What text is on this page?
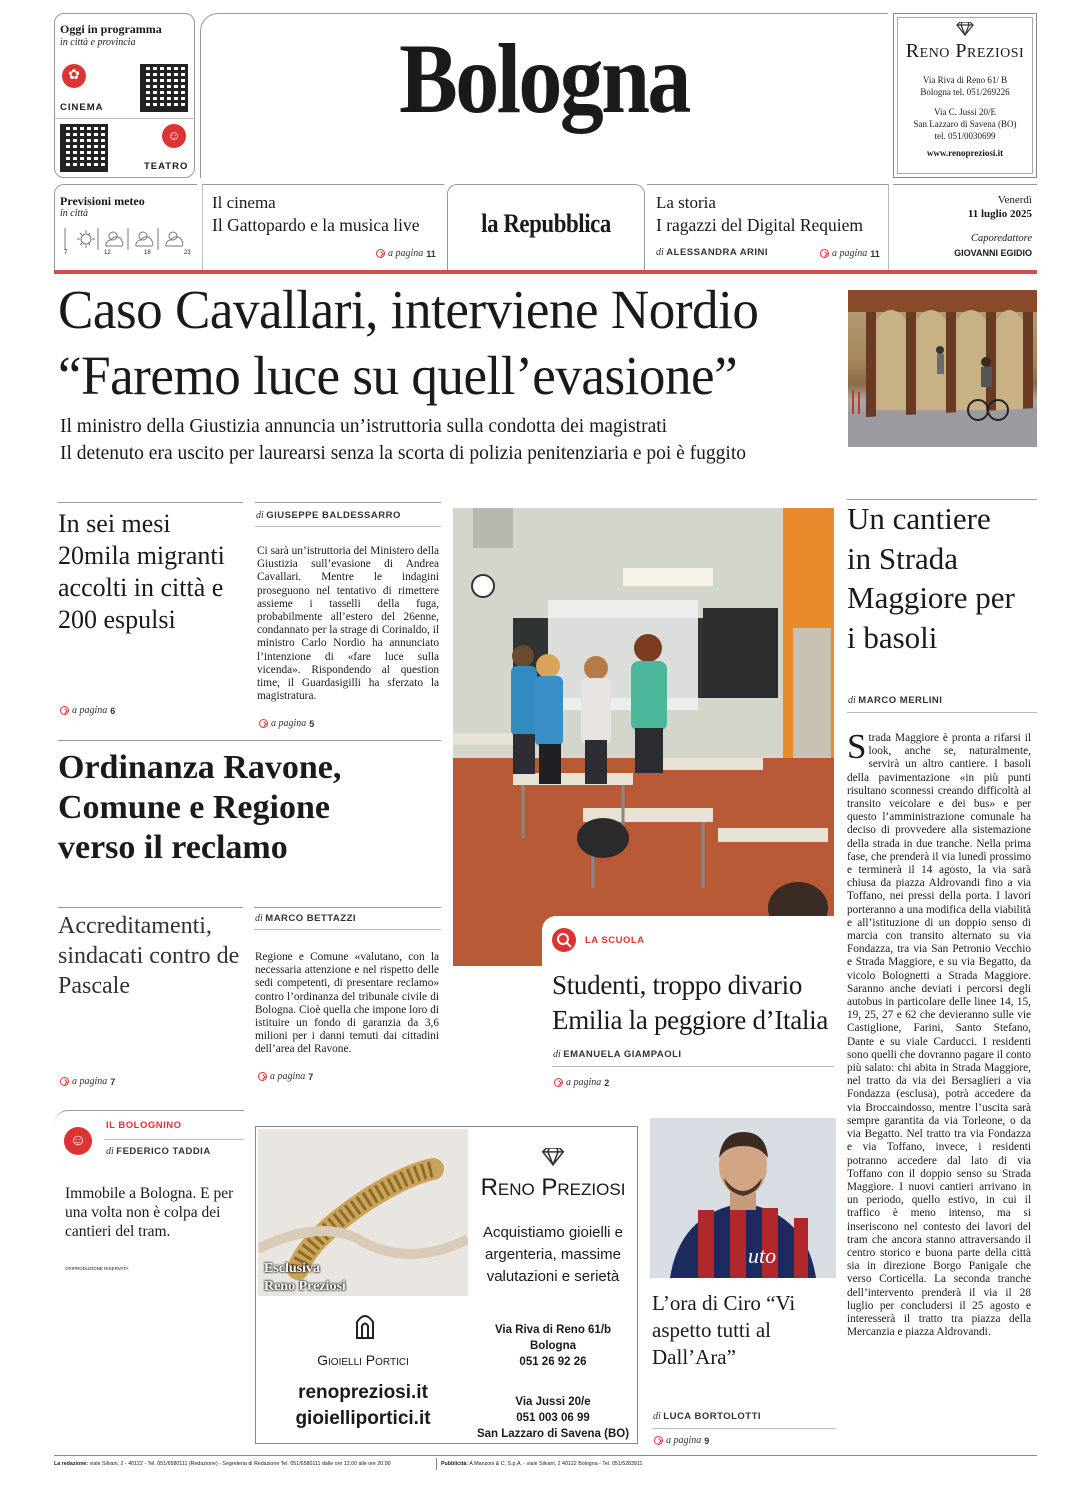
Oggi in programma
in città e provincia
✿
CINEMA
☺
TEATRO
Bologna	Reno Preziosi
Via Riva di Reno 61/ B
Bologna tel. 051/269226
Via C. Jussi 20/E
San Lazzaro di Savena (BO)
tel. 051/0030699
www.renopreziosi.it
Previsioni meteo
in città
7	12	18	23
Il cinema
Il Gattopardo e la musica live
a pagina 11
la Repubblica
La storia
I ragazzi del Digital Requiem
di ALESSANDRA ARINI	a pagina 11
Venerdì
11 luglio 2025
Caporedattore
GIOVANNI EGIDIO
Caso Cavallari, interviene Nordio
“Faremo luce su quell’evasione”
Il ministro della Giustizia annuncia un’istruttoria sulla condotta dei magistrati
Il detenuto era uscito per laurearsi senza la scorta di polizia penitenziaria e poi è fuggito
In sei mesi 20mila migranti accolti in città e 200 espulsi
a pagina 6
di GIUSEPPE BALDESSARRO
Ci sarà un’istruttoria del Ministero della Giustizia sull’evasione di Andrea Cavallari. Mentre le indagini proseguono nel tentativo di rimettere assieme i tasselli della fuga, probabilmente all’estero del 26enne, condannato per la strage di Corinaldo, il ministro Carlo Nordio ha annunciato l’intenzione di «fare luce sulla vicenda». Rispondendo al question time, il Guardasigilli ha sferzato la magistratura.
a pagina 5
Ordinanza Ravone, Comune e Regione verso il reclamo
Accreditamenti, sindacati contro de Pascale
a pagina 7
di MARCO BETTAZZI
Regione e Comune «valutano, con la necessaria attenzione e nel rispetto delle sedi competenti, di presentare reclamo» contro l’ordinanza del tribunale civile di Bologna. Cioè quella che impone loro di istituire un fondo di garanzia da 3,6 milioni per i danni temuti dai cittadini dell’area del Ravone.
a pagina 7
LA SCUOLA
Studenti, troppo divario Emilia la peggiore d’Italia
di EMANUELA GIAMPAOLI
a pagina 2
Un cantiere in Strada Maggiore per i basoli
di MARCO MERLINI
Strada Maggiore è pronta a rifarsi il look, anche se, naturalmente, servirà un altro cantiere. I basoli della pavimentazione «in più punti risultano sconnessi creando difficoltà al transito veicolare e dei bus» e per questo l’amministrazione comunale ha deciso di provvedere alla sistemazione della strada in due tranche. Nella prima fase, che prenderà il via lunedì prossimo e terminerà il 14 agosto, la via sarà chiusa da piazza Aldrovandi fino a via Toffano, nei pressi della porta. I lavori porteranno a una modifica della viabilità e all’istituzione di un doppio senso di marcia con transito alternato su via Fondazza, tra via San Petronio Vecchio e Strada Maggiore, e su via Begatto, da vicolo Bolognetti a Strada Maggiore. Saranno anche deviati i percorsi degli autobus in particolare delle linee 14, 15, 19, 25, 27 e 62 che devieranno sulle vie Castiglione, Farini, Santo Stefano, Dante e su viale Carducci. I residenti sono quelli che dovranno pagare il conto più salato: chi abita in Strada Maggiore, nel tratto da via dei Bersaglieri a via Fondazza (esclusa), potrà accedere da via Broccaindosso, mentre l’uscita sarà sempre garantita da via Torleone, o da via Begatto. Nel tratto tra via Fondazza e via Toffano, invece, i residenti potranno accedere dal lato di via Toffano con il doppio senso su Strada Maggiore. I nuovi cantieri arrivano in un periodo, quello estivo, in cui il traffico è meno intenso, ma si inseriscono nel contesto dei lavori del tram che ancora stanno attraversando il centro storico e buona parte della città sia in direzione Borgo Panigale che verso Corticella. La seconda tranche dell’intervento prenderà il via il 28 luglio per concludersi il 25 agosto e interesserà il tratto tra piazza della Mercanzia e piazza Aldrovandi.
☺
IL BOLOGNINO
di FEDERICO TADDIA
Immobile a Bologna. E per una volta non è colpa dei cantieri del tram.
©RIPRODUZIONE RISERVATA	Esclusiva
Reno Preziosi
Reno Preziosi
Acquistiamo gioielli e argenteria, massime valutazioni e serietà
Gioielli Portici
renopreziosi.it
gioielliportici.it
Via Riva di Reno 61/b
Bologna
051 26 92 26
Via Jussi 20/e
051 003 06 99
San Lazzaro di Savena (BO)
uto
L’ora di Ciro “Vi aspetto tutti al Dall’Ara”
di LUCA BORTOLOTTI
a pagina 9
La redazione: viale Silvani, 2 - 40122 - Tel. 051/6580111 (Redazione) - Segreteria di Redazione Tel. 051/6580111 dalle ore 12.00 alle ore 20.00	Pubblicità: A.Manzoni & C. S.p.A. - viale Silvani, 2 40122 Bologna - Tel. 051/5283911
